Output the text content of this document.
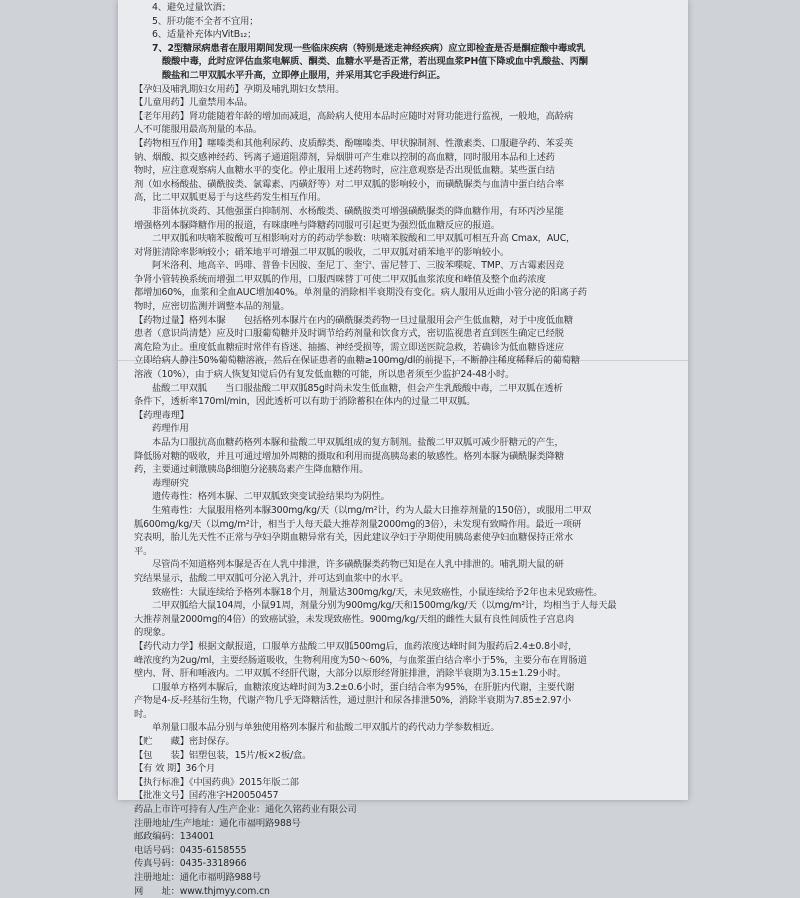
4、避免过量饮酒；
5、肝功能不全者不宜用；
6、适量补充体内VitB₁₂；
7、2型糖尿病患者在服用期间发现一些临床疾病（特别是迷走神经疾病）应立即检查是否是酮症酸中毒或乳
酸酸中毒，此时应评估血浆电解质、酮类、血糖水平是否正常，若出现血浆PH值下降或血中乳酸盐、丙酮
酸盐和二甲双胍水平升高，立即停止服用，并采用其它手段进行纠正。
【孕妇及哺乳期妇女用药】孕期及哺乳期妇女禁用。
【儿童用药】儿童禁用本品。
【老年用药】肾功能随着年龄的增加而减退，高龄病人使用本品时应随时对肾功能进行监视，一般地，高龄病
人不可能服用最高剂量的本品。
【药物相互作用】噻嗪类和其他利尿药、皮质醇类、酚噻嗪类、甲状腺制剂、性激素类、口服避孕药、苯妥英
钠、烟酸、拟交感神经药、钙离子通道阻滞剂，异烟肼可产生难以控制的高血糖，同时服用本品和上述药
物时，应注意观察病人血糖水平的变化。停止服用上述药物时，应注意观察是否出现低血糖。某些蛋白结
剂（如水杨酸盐、磺酰胺类、氯霉素、丙磺舒等）对二甲双胍的影响较小，而磺酰脲类与血清中蛋白结合率
高，比二甲双胍更易于与这些药发生相互作用。
非甾体抗炎药、其他强蛋白抑制剂、水杨酸类、磺酰胺类可增强磺酰脲类的降血糖作用，有环丙沙星能
增强格列本脲降糖作用的报道，有咪康唑与降糖药同服可引起更为强烈低血糖反应的报道。
二甲双胍和呋喃苯胺酸可互相影响对方的药动学参数：呋喃苯胺酸和二甲双胍可相互升高 Cmax，AUC，
对肾脏清除率影响较小；硝苯地平可增强二甲双胍的吸收，二甲双胍对硝苯地平的影响较小。
阿米洛利、地高辛、吗啡、普鲁卡因胺、奎尼丁、奎宁、雷尼替丁、三胺苯喋啶、TMP、万古霉素因竞
争肾小管转换系统而增强二甲双胍的作用，口服西咪替丁可使二甲双胍血浆浓度和峰值及整个血药浓度
都增加60%，血浆和全血AUC增加40%。单剂量的消除相半衰期没有变化。病人服用从近曲小管分泌的阳离子药
物时，应密切监测并调整本品的剂量。
【药物过量】格列本脲　　包括格列本脲片在内的磺酰脲类药物一旦过量服用会产生低血糖，对于中度低血糖
患者（意识尚清楚）应及时口服葡萄糖并及时调节给药剂量和饮食方式，密切监视患者直到医生确定已经脱
离危险为止。重度低血糖症时常伴有昏迷、抽搐、神经受损等，需立即送医院急救，若确诊为低血糖昏迷应
立即给病人静注50%葡萄糖溶液，然后在保证患者的血糖≥100mg/dl的前提下，不断静注稀度稀释后的葡萄糖
溶液（10%），由于病人恢复知觉后仍有复发低血糖的可能，所以患者须至少监护24-48小时。
盐酸二甲双胍　　当口服盐酸二甲双胍85g时尚未发生低血糖，但会产生乳酸酸中毒，二甲双胍在透析
条件下，透析率170ml/min，因此透析可以有助于消除蓄积在体内的过量二甲双胍。
【药理毒理】
药理作用
本品为口服抗高血糖药格列本脲和盐酸二甲双胍组成的复方制剂。盐酸二甲双胍可减少肝糖元的产生，
降低肠对糖的吸收，并且可通过增加外周糖的摄取和利用而提高胰岛素的敏感性。格列本脲为磺酰脲类降糖
药，主要通过刺激胰岛β细胞分泌胰岛素产生降血糖作用。
毒理研究
遗传毒性：格列本脲、二甲双胍致突变试验结果均为阴性。
生殖毒性：大鼠服用格列本脲300mg/kg/天（以mg/m²计，约为人最大日推荐剂量的150倍），或服用二甲双
胍600mg/kg/天（以mg/m²计，相当于人每天最大推荐剂量2000mg的3倍），未发现有致畸作用。最近一项研
究表明，胎儿先天性不正常与孕妇孕期血糖异常有关，因此建议孕妇于孕期使用胰岛素使孕妇血糖保持正常水
平。
尽管尚不知道格列本脲是否在人乳中排泄，许多磺酰脲类药物已知是在人乳中排泄的。哺乳期大鼠的研
究结果显示，盐酸二甲双胍可分泌入乳汁，并可达到血浆中的水平。
致癌性：大鼠连续给予格列本脲18个月，剂量达300mg/kg/天，未见致癌性，小鼠连续给予2年也未见致癌性。
二甲双胍给大鼠104周，小鼠91周，剂量分别为900mg/kg/天和1500mg/kg/天（以mg/m²计，均相当于人每天最
大推荐剂量2000mg的4倍）的致癌试验，未发现致癌性。900mg/kg/天组的雌性大鼠有良性间质性子宫息肉
的现象。
【药代动力学】根据文献报道，口服单方盐酸二甲双胍500mg后，血药浓度达峰时间为服药后2.4±0.8小时，
峰浓度约为2ug/ml，主要经肠道吸收，生物利用度为50～60%，与血浆蛋白结合率小于5%，主要分布在胃肠道
壁内、肾、肝和唾液内。二甲双胍不经肝代谢，大部分以原形经肾脏排泄，消除半衰期为3.15±1.29小时。
口服单方格列本脲后，血糖浓度达峰时间为3.2±0.6小时，蛋白结合率为95%，在肝脏内代谢，主要代谢
产物是4-反-羟基衍生物，代谢产物几乎无降糖活性，通过胆汁和尿各排泄50%，消除半衰期为7.85±2.97小
时。
单剂量口服本品分别与单独使用格列本脲片和盐酸二甲双胍片的药代动力学参数相近。
【贮　　藏】密封保存。
【包　　装】铝塑包装，15片/板×2板/盒。
【有 效 期】36个月
【执行标准】《中国药典》2015年版二部
【批准文号】国药准字H20050457
药品上市许可持有人/生产企业：通化久铭药业有限公司
注册地址/生产地址：通化市福明路988号
邮政编码：134001
电话号码：0435-6158555
传真号码：0435-3318966
注册地址：通化市福明路988号
网　　址：www.thjmyy.com.cn
